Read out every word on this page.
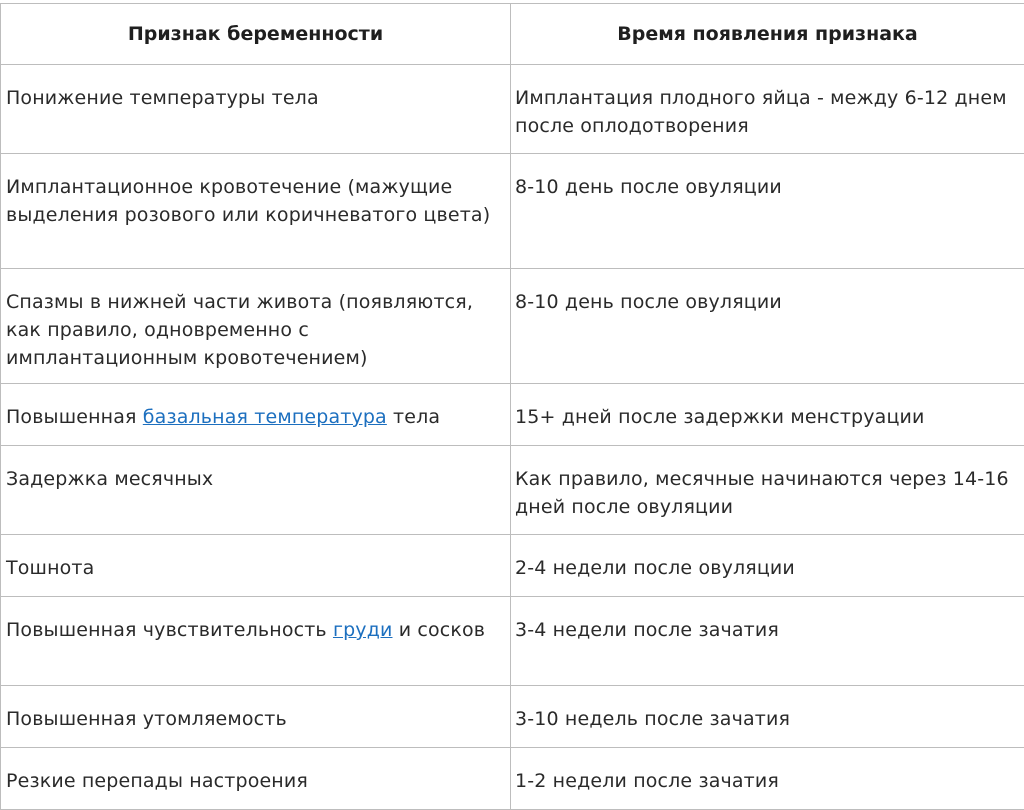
Признак беременности	Время появления признака
Понижение температуры тела	Имплантация плодного яйца - между 6-12 днем после оплодотворения
Имплантационное кровотечение (мажущие выделения розового или коричневатого цвета)	8-10 день после овуляции
Спазмы в нижней части живота (появляются, как правило, одновременно с имплантационным кровотечением)	8-10 день после овуляции
Повышенная базальная температура тела	15+ дней после задержки менструации
Задержка месячных	Как правило, месячные начинаются через 14-16 дней после овуляции
Тошнота	2-4 недели после овуляции
Повышенная чувствительность груди и сосков	3-4 недели после зачатия
Повышенная утомляемость	3-10 недель после зачатия
Резкие перепады настроения	1-2 недели после зачатия
